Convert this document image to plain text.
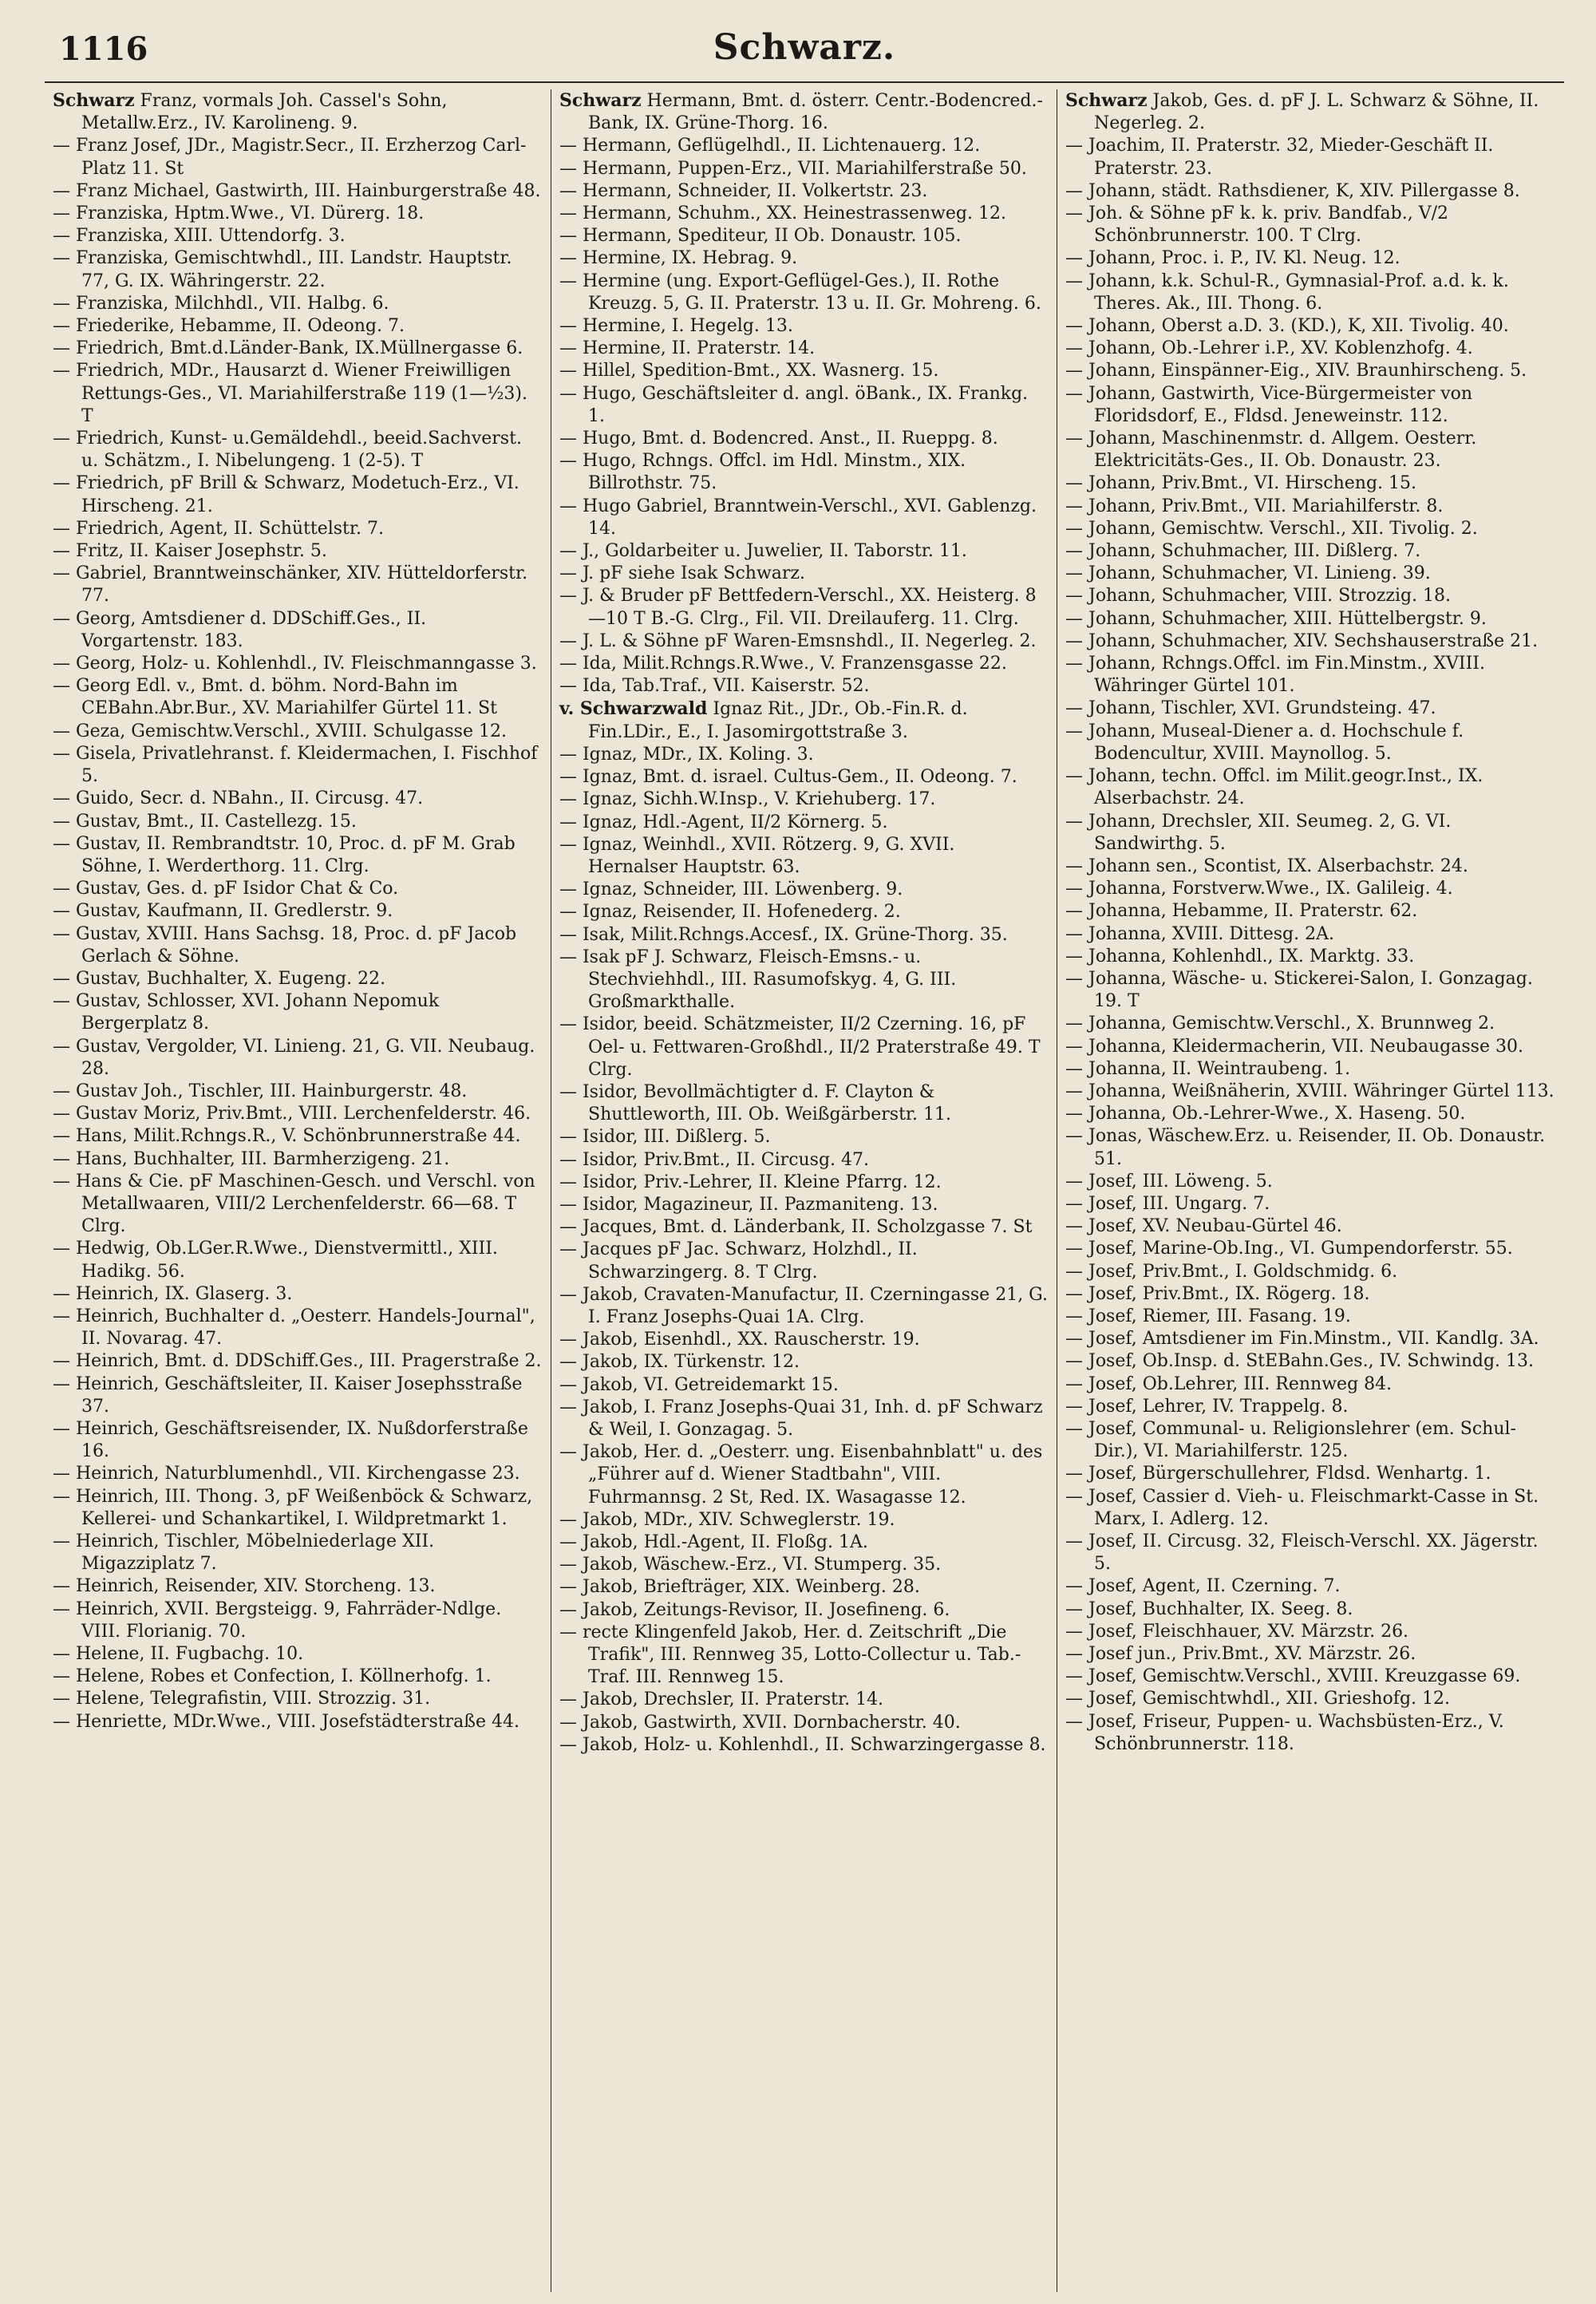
1116	Schwarz.

Schwarz Franz, vormals Joh. Cassel's Sohn, Metallw.Erz., IV. Karolineng. 9.

— Franz Josef, JDr., Magistr.Secr., II. Erzherzog Carl-Platz 11. St

— Franz Michael, Gastwirth, III. Hainburgerstraße 48.

— Franziska, Hptm.Wwe., VI. Dürerg. 18.

— Franziska, XIII. Uttendorfg. 3.

— Franziska, Gemischtwhdl., III. Landstr. Hauptstr. 77, G. IX. Währingerstr. 22.

— Franziska, Milchhdl., VII. Halbg. 6.

— Friederike, Hebamme, II. Odeong. 7.

— Friedrich, Bmt.d.Länder-Bank, IX.Müllnergasse 6.

— Friedrich, MDr., Hausarzt d. Wiener Freiwilligen Rettungs-Ges., VI. Mariahilferstraße 119 (1—½3). T

— Friedrich, Kunst- u.Gemäldehdl., beeid.Sachverst. u. Schätzm., I. Nibelungeng. 1 (2-5). T

— Friedrich, pF Brill & Schwarz, Modetuch-Erz., VI. Hirscheng. 21.

— Friedrich, Agent, II. Schüttelstr. 7.

— Fritz, II. Kaiser Josephstr. 5.

— Gabriel, Branntweinschänker, XIV. Hütteldorferstr. 77.

— Georg, Amtsdiener d. DDSchiff.Ges., II. Vorgartenstr. 183.

— Georg, Holz- u. Kohlenhdl., IV. Fleischmanngasse 3.

— Georg Edl. v., Bmt. d. böhm. Nord-Bahn im CEBahn.Abr.Bur., XV. Mariahilfer Gürtel 11. St

— Geza, Gemischtw.Verschl., XVIII. Schulgasse 12.

— Gisela, Privatlehranst. f. Kleidermachen, I. Fischhof 5.

— Guido, Secr. d. NBahn., II. Circusg. 47.

— Gustav, Bmt., II. Castellezg. 15.

— Gustav, II. Rembrandtstr. 10, Proc. d. pF M. Grab Söhne, I. Werderthorg. 11. Clrg.

— Gustav, Ges. d. pF Isidor Chat & Co.

— Gustav, Kaufmann, II. Gredlerstr. 9.

— Gustav, XVIII. Hans Sachsg. 18, Proc. d. pF Jacob Gerlach & Söhne.

— Gustav, Buchhalter, X. Eugeng. 22.

— Gustav, Schlosser, XVI. Johann Nepomuk Bergerplatz 8.

— Gustav, Vergolder, VI. Linieng. 21, G. VII. Neubaug. 28.

— Gustav Joh., Tischler, III. Hainburgerstr. 48.

— Gustav Moriz, Priv.Bmt., VIII. Lerchenfelderstr. 46.

— Hans, Milit.Rchngs.R., V. Schönbrunnerstraße 44.

— Hans, Buchhalter, III. Barmherzigeng. 21.

— Hans & Cie. pF Maschinen-Gesch. und Verschl. von Metallwaaren, VIII/2 Lerchenfelderstr. 66—68. T Clrg.

— Hedwig, Ob.LGer.R.Wwe., Dienstvermittl., XIII. Hadikg. 56.

— Heinrich, IX. Glaserg. 3.

— Heinrich, Buchhalter d. „Oesterr. Handels-Journal", II. Novarag. 47.

— Heinrich, Bmt. d. DDSchiff.Ges., III. Pragerstraße 2.

— Heinrich, Geschäftsleiter, II. Kaiser Josephsstraße 37.

— Heinrich, Geschäftsreisender, IX. Nußdorferstraße 16.

— Heinrich, Naturblumenhdl., VII. Kirchengasse 23.

— Heinrich, III. Thong. 3, pF Weißenböck & Schwarz, Kellerei- und Schankartikel, I. Wildpretmarkt 1.

— Heinrich, Tischler, Möbelniederlage XII. Migazziplatz 7.

— Heinrich, Reisender, XIV. Storcheng. 13.

— Heinrich, XVII. Bergsteigg. 9, Fahrräder-Ndlge. VIII. Florianig. 70.

— Helene, II. Fugbachg. 10.

— Helene, Robes et Confection, I. Köllnerhofg. 1.

— Helene, Telegrafistin, VIII. Strozzig. 31.

— Henriette, MDr.Wwe., VIII. Josefstädterstraße 44.

Schwarz Hermann, Bmt. d. österr. Centr.-Bodencred.-Bank, IX. Grüne-Thorg. 16.

— Hermann, Geflügelhdl., II. Lichtenauerg. 12.

— Hermann, Puppen-Erz., VII. Mariahilferstraße 50.

— Hermann, Schneider, II. Volkertstr. 23.

— Hermann, Schuhm., XX. Heinestrassenweg. 12.

— Hermann, Spediteur, II Ob. Donaustr. 105.

— Hermine, IX. Hebrag. 9.

— Hermine (ung. Export-Geflügel-Ges.), II. Rothe Kreuzg. 5, G. II. Praterstr. 13 u. II. Gr. Mohreng. 6.

— Hermine, I. Hegelg. 13.

— Hermine, II. Praterstr. 14.

— Hillel, Spedition-Bmt., XX. Wasnerg. 15.

— Hugo, Geschäftsleiter d. angl. öBank., IX. Frankg. 1.

— Hugo, Bmt. d. Bodencred. Anst., II. Rueppg. 8.

— Hugo, Rchngs. Offcl. im Hdl. Minstm., XIX. Billrothstr. 75.

— Hugo Gabriel, Branntwein-Verschl., XVI. Gablenzg. 14.

— J., Goldarbeiter u. Juwelier, II. Taborstr. 11.

— J. pF siehe Isak Schwarz.

— J. & Bruder pF Bettfedern-Verschl., XX. Heisterg. 8—10 T B.-G. Clrg., Fil. VII. Dreilauferg. 11. Clrg.

— J. L. & Söhne pF Waren-Emsnshdl., II. Negerleg. 2.

— Ida, Milit.Rchngs.R.Wwe., V. Franzensgasse 22.

— Ida, Tab.Traf., VII. Kaiserstr. 52.

v. Schwarzwald Ignaz Rit., JDr., Ob.-Fin.R. d. Fin.LDir., E., I. Jasomirgottstraße 3.

— Ignaz, MDr., IX. Koling. 3.

— Ignaz, Bmt. d. israel. Cultus-Gem., II. Odeong. 7.

— Ignaz, Sichh.W.Insp., V. Kriehuberg. 17.

— Ignaz, Hdl.-Agent, II/2 Körnerg. 5.

— Ignaz, Weinhdl., XVII. Rötzerg. 9, G. XVII. Hernalser Hauptstr. 63.

— Ignaz, Schneider, III. Löwenberg. 9.

— Ignaz, Reisender, II. Hofenederg. 2.

— Isak, Milit.Rchngs.Accesf., IX. Grüne-Thorg. 35.

— Isak pF J. Schwarz, Fleisch-Emsns.- u. Stechviehhdl., III. Rasumofskyg. 4, G. III. Großmarkthalle.

— Isidor, beeid. Schätzmeister, II/2 Czerning. 16, pF Oel- u. Fettwaren-Großhdl., II/2 Praterstraße 49. T Clrg.

— Isidor, Bevollmächtigter d. F. Clayton & Shuttleworth, III. Ob. Weißgärberstr. 11.

— Isidor, III. Dißlerg. 5.

— Isidor, Priv.Bmt., II. Circusg. 47.

— Isidor, Priv.-Lehrer, II. Kleine Pfarrg. 12.

— Isidor, Magazineur, II. Pazmaniteng. 13.

— Jacques, Bmt. d. Länderbank, II. Scholzgasse 7. St

— Jacques pF Jac. Schwarz, Holzhdl., II. Schwarzingerg. 8. T Clrg.

— Jakob, Cravaten-Manufactur, II. Czerningasse 21, G. I. Franz Josephs-Quai 1A. Clrg.

— Jakob, Eisenhdl., XX. Rauscherstr. 19.

— Jakob, IX. Türkenstr. 12.

— Jakob, VI. Getreidemarkt 15.

— Jakob, I. Franz Josephs-Quai 31, Inh. d. pF Schwarz & Weil, I. Gonzagag. 5.

— Jakob, Her. d. „Oesterr. ung. Eisenbahnblatt" u. des „Führer auf d. Wiener Stadtbahn", VIII. Fuhrmannsg. 2 St, Red. IX. Wasagasse 12.

— Jakob, MDr., XIV. Schweglerstr. 19.

— Jakob, Hdl.-Agent, II. Floßg. 1A.

— Jakob, Wäschew.-Erz., VI. Stumperg. 35.

— Jakob, Briefträger, XIX. Weinberg. 28.

— Jakob, Zeitungs-Revisor, II. Josefineng. 6.

— recte Klingenfeld Jakob, Her. d. Zeitschrift „Die Trafik", III. Rennweg 35, Lotto-Collectur u. Tab.-Traf. III. Rennweg 15.

— Jakob, Drechsler, II. Praterstr. 14.

— Jakob, Gastwirth, XVII. Dornbacherstr. 40.

— Jakob, Holz- u. Kohlenhdl., II. Schwarzingergasse 8.

Schwarz Jakob, Ges. d. pF J. L. Schwarz & Söhne, II. Negerleg. 2.

— Joachim, II. Praterstr. 32, Mieder-Geschäft II. Praterstr. 23.

— Johann, städt. Rathsdiener, K, XIV. Pillergasse 8.

— Joh. & Söhne pF k. k. priv. Bandfab., V/2 Schönbrunnerstr. 100. T Clrg.

— Johann, Proc. i. P., IV. Kl. Neug. 12.

— Johann, k.k. Schul-R., Gymnasial-Prof. a.d. k. k. Theres. Ak., III. Thong. 6.

— Johann, Oberst a.D. 3. (KD.), K, XII. Tivolig. 40.

— Johann, Ob.-Lehrer i.P., XV. Koblenzhofg. 4.

— Johann, Einspänner-Eig., XIV. Braunhirscheng. 5.

— Johann, Gastwirth, Vice-Bürgermeister von Floridsdorf, E., Fldsd. Jeneweinstr. 112.

— Johann, Maschinenmstr. d. Allgem. Oesterr. Elektricitäts-Ges., II. Ob. Donaustr. 23.

— Johann, Priv.Bmt., VI. Hirscheng. 15.

— Johann, Priv.Bmt., VII. Mariahilferstr. 8.

— Johann, Gemischtw. Verschl., XII. Tivolig. 2.

— Johann, Schuhmacher, III. Dißlerg. 7.

— Johann, Schuhmacher, VI. Linieng. 39.

— Johann, Schuhmacher, VIII. Strozzig. 18.

— Johann, Schuhmacher, XIII. Hüttelbergstr. 9.

— Johann, Schuhmacher, XIV. Sechshauserstraße 21.

— Johann, Rchngs.Offcl. im Fin.Minstm., XVIII. Währinger Gürtel 101.

— Johann, Tischler, XVI. Grundsteing. 47.

— Johann, Museal-Diener a. d. Hochschule f. Bodencultur, XVIII. Maynollog. 5.

— Johann, techn. Offcl. im Milit.geogr.Inst., IX. Alserbachstr. 24.

— Johann, Drechsler, XII. Seumeg. 2, G. VI. Sandwirthg. 5.

— Johann sen., Scontist, IX. Alserbachstr. 24.

— Johanna, Forstverw.Wwe., IX. Galileig. 4.

— Johanna, Hebamme, II. Praterstr. 62.

— Johanna, XVIII. Dittesg. 2A.

— Johanna, Kohlenhdl., IX. Marktg. 33.

— Johanna, Wäsche- u. Stickerei-Salon, I. Gonzagag. 19. T

— Johanna, Gemischtw.Verschl., X. Brunnweg 2.

— Johanna, Kleidermacherin, VII. Neubaugasse 30.

— Johanna, II. Weintraubeng. 1.

— Johanna, Weißnäherin, XVIII. Währinger Gürtel 113.

— Johanna, Ob.-Lehrer-Wwe., X. Haseng. 50.

— Jonas, Wäschew.Erz. u. Reisender, II. Ob. Donaustr. 51.

— Josef, III. Löweng. 5.

— Josef, III. Ungarg. 7.

— Josef, XV. Neubau-Gürtel 46.

— Josef, Marine-Ob.Ing., VI. Gumpendorferstr. 55.

— Josef, Priv.Bmt., I. Goldschmidg. 6.

— Josef, Priv.Bmt., IX. Rögerg. 18.

— Josef, Riemer, III. Fasang. 19.

— Josef, Amtsdiener im Fin.Minstm., VII. Kandlg. 3A.

— Josef, Ob.Insp. d. StEBahn.Ges., IV. Schwindg. 13.

— Josef, Ob.Lehrer, III. Rennweg 84.

— Josef, Lehrer, IV. Trappelg. 8.

— Josef, Communal- u. Religionslehrer (em. Schul-Dir.), VI. Mariahilferstr. 125.

— Josef, Bürgerschullehrer, Fldsd. Wenhartg. 1.

— Josef, Cassier d. Vieh- u. Fleischmarkt-Casse in St. Marx, I. Adlerg. 12.

— Josef, II. Circusg. 32, Fleisch-Verschl. XX. Jägerstr. 5.

— Josef, Agent, II. Czerning. 7.

— Josef, Buchhalter, IX. Seeg. 8.

— Josef, Fleischhauer, XV. Märzstr. 26.

— Josef jun., Priv.Bmt., XV. Märzstr. 26.

— Josef, Gemischtw.Verschl., XVIII. Kreuzgasse 69.

— Josef, Gemischtwhdl., XII. Grieshofg. 12.

— Josef, Friseur, Puppen- u. Wachsbüsten-Erz., V. Schönbrunnerstr. 118.
